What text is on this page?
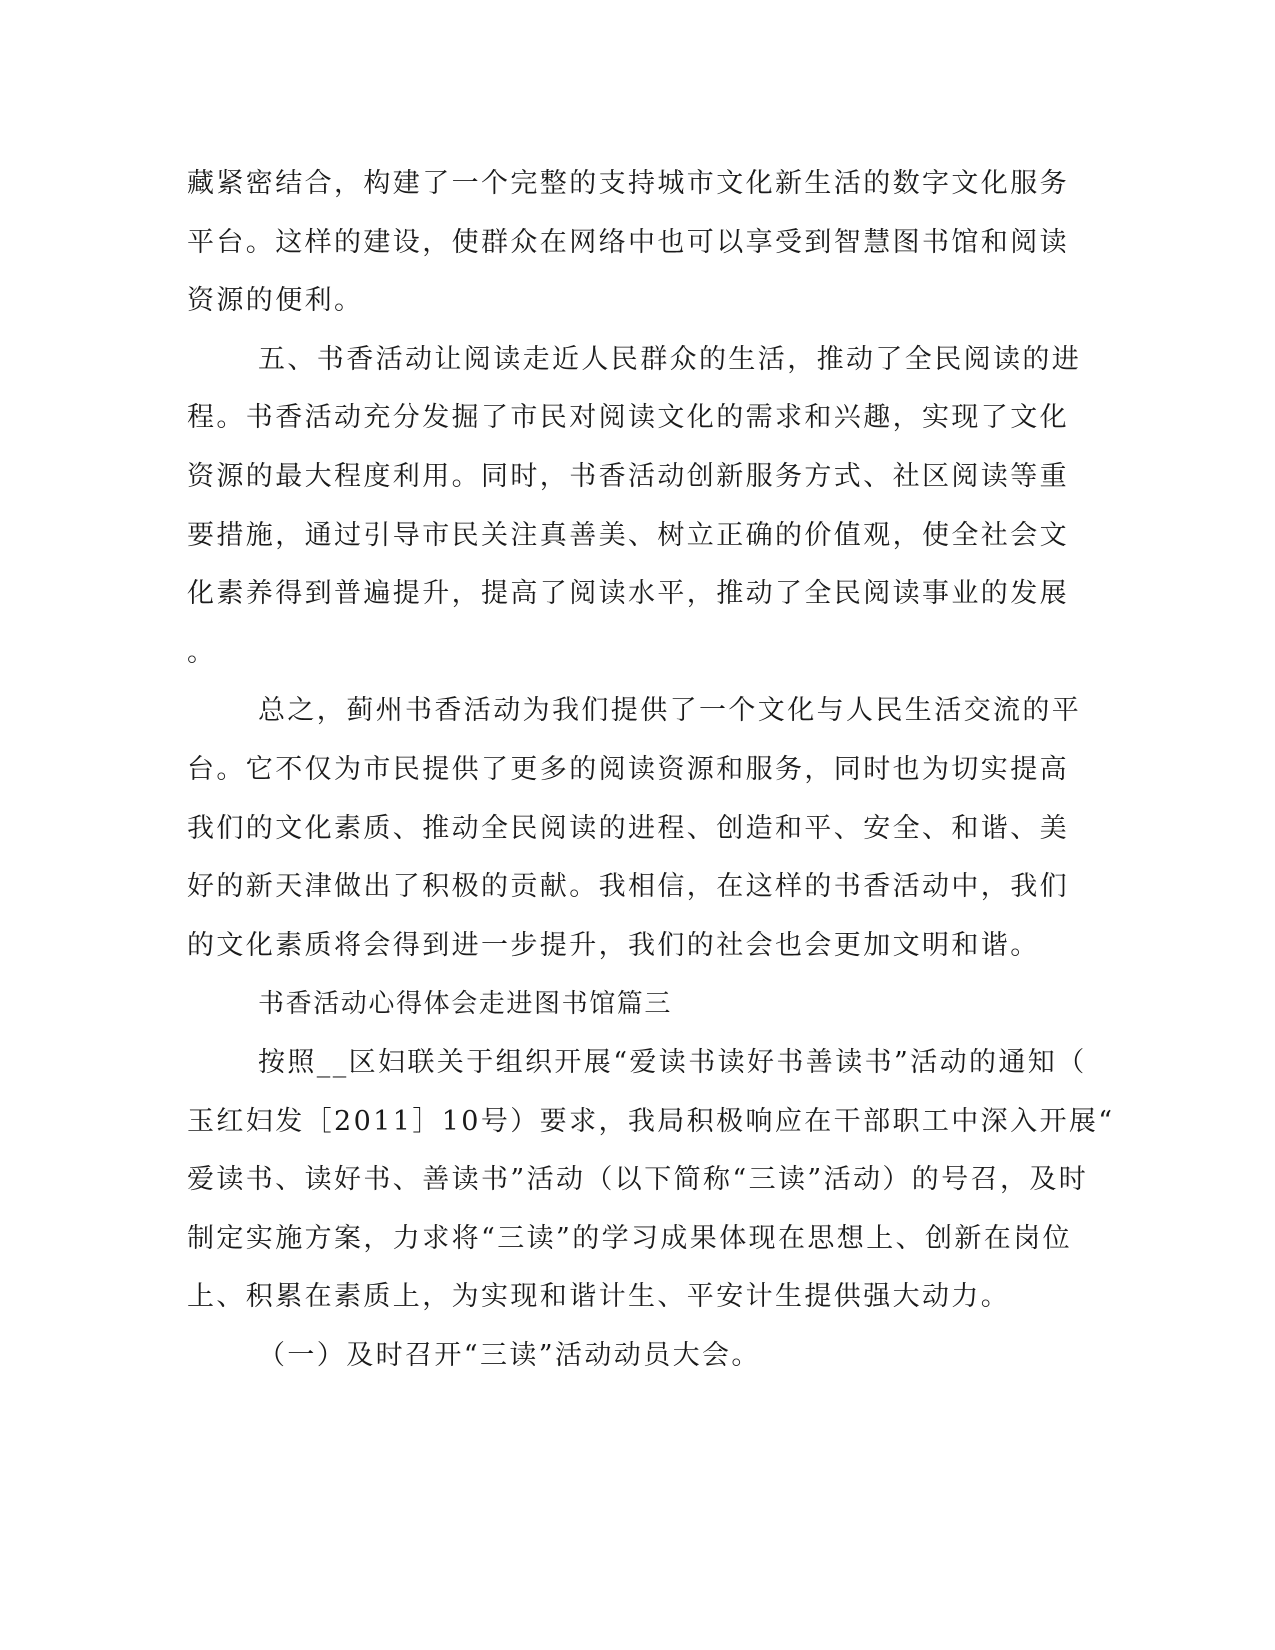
藏紧密结合，构建了一个完整的支持城市文化新生活的数字文化服务
平台。这样的建设，使群众在网络中也可以享受到智慧图书馆和阅读
资源的便利。
五、书香活动让阅读走近人民群众的生活，推动了全民阅读的进
程。书香活动充分发掘了市民对阅读文化的需求和兴趣，实现了文化
资源的最大程度利用。同时，书香活动创新服务方式、社区阅读等重
要措施，通过引导市民关注真善美、树立正确的价值观，使全社会文
化素养得到普遍提升，提高了阅读水平，推动了全民阅读事业的发展
。
总之，蓟州书香活动为我们提供了一个文化与人民生活交流的平
台。它不仅为市民提供了更多的阅读资源和服务，同时也为切实提高
我们的文化素质、推动全民阅读的进程、创造和平、安全、和谐、美
好的新天津做出了积极的贡献。我相信，在这样的书香活动中，我们
的文化素质将会得到进一步提升，我们的社会也会更加文明和谐。
书香活动心得体会走进图书馆篇三
按照__区妇联关于组织开展“爱读书读好书善读书”活动的通知（
玉红妇发［2011］10号）要求，我局积极响应在干部职工中深入开展“
爱读书、读好书、善读书”活动（以下简称“三读”活动）的号召，及时
制定实施方案，力求将“三读”的学习成果体现在思想上、创新在岗位
上、积累在素质上，为实现和谐计生、平安计生提供强大动力。
（一）及时召开“三读”活动动员大会。
